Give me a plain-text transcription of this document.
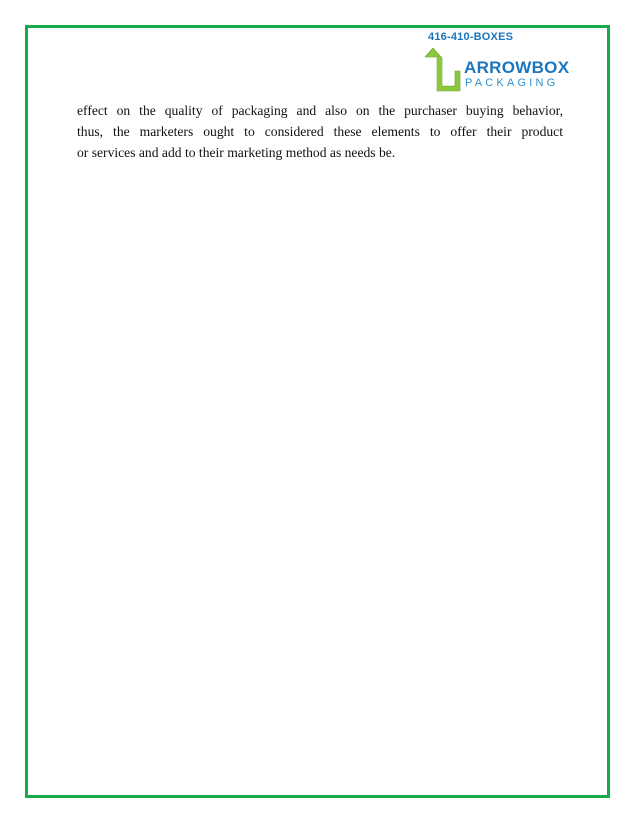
416-410-BOXES
ARROWBOX
PACKAGING
effect on the quality of packaging and also on the purchaser buying behavior,
thus, the marketers ought to considered these elements to offer their product
or services and add to their marketing method as needs be.
